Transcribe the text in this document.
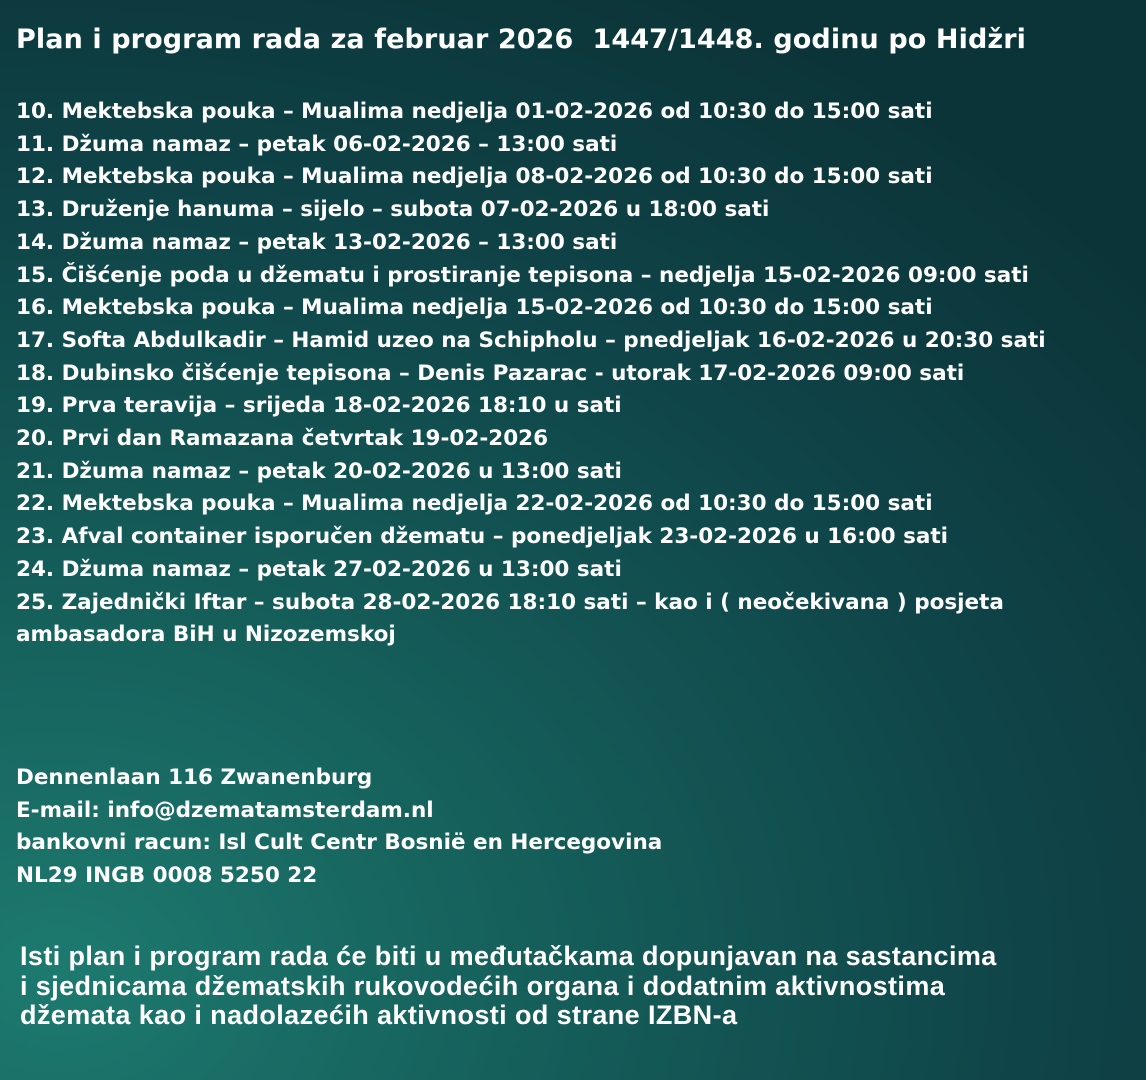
Plan i program rada za februar 2026  1447/1448. godinu po Hidžri
10. Mektebska pouka – Mualima nedjelja 01-02-2026 od 10:30 do 15:00 sati
11. Džuma namaz – petak 06-02-2026 – 13:00 sati
12. Mektebska pouka – Mualima nedjelja 08-02-2026 od 10:30 do 15:00 sati
13. Druženje hanuma – sijelo – subota 07-02-2026 u 18:00 sati
14. Džuma namaz – petak 13-02-2026 – 13:00 sati
15. Čišćenje poda u džematu i prostiranje tepisona – nedjelja 15-02-2026 09:00 sati
16. Mektebska pouka – Mualima nedjelja 15-02-2026 od 10:30 do 15:00 sati
17. Softa Abdulkadir – Hamid uzeo na Schipholu – pnedjeljak 16-02-2026 u 20:30 sati
18. Dubinsko čišćenje tepisona – Denis Pazarac - utorak 17-02-2026 09:00 sati
19. Prva teravija – srijeda 18-02-2026 18:10 u sati
20. Prvi dan Ramazana četvrtak 19-02-2026
21. Džuma namaz – petak 20-02-2026 u 13:00 sati
22. Mektebska pouka – Mualima nedjelja 22-02-2026 od 10:30 do 15:00 sati
23. Afval container isporučen džematu – ponedjeljak 23-02-2026 u 16:00 sati
24. Džuma namaz – petak 27-02-2026 u 13:00 sati
25. Zajednički Iftar – subota 28-02-2026 18:10 sati – kao i ( neočekivana ) posjeta ambasadora BiH u Nizozemskoj
Dennenlaan 116 Zwanenburg
E-mail: info@dzematamsterdam.nl
bankovni racun: Isl Cult Centr Bosnië en Hercegovina
NL29 INGB 0008 5250 22
Isti plan i program rada će biti u međutačkama dopunjavan na sastancima i sjednicama džematskih rukovodećih organa i dodatnim aktivnostima džemata kao i nadolazećih aktivnosti od strane IZBN-a
